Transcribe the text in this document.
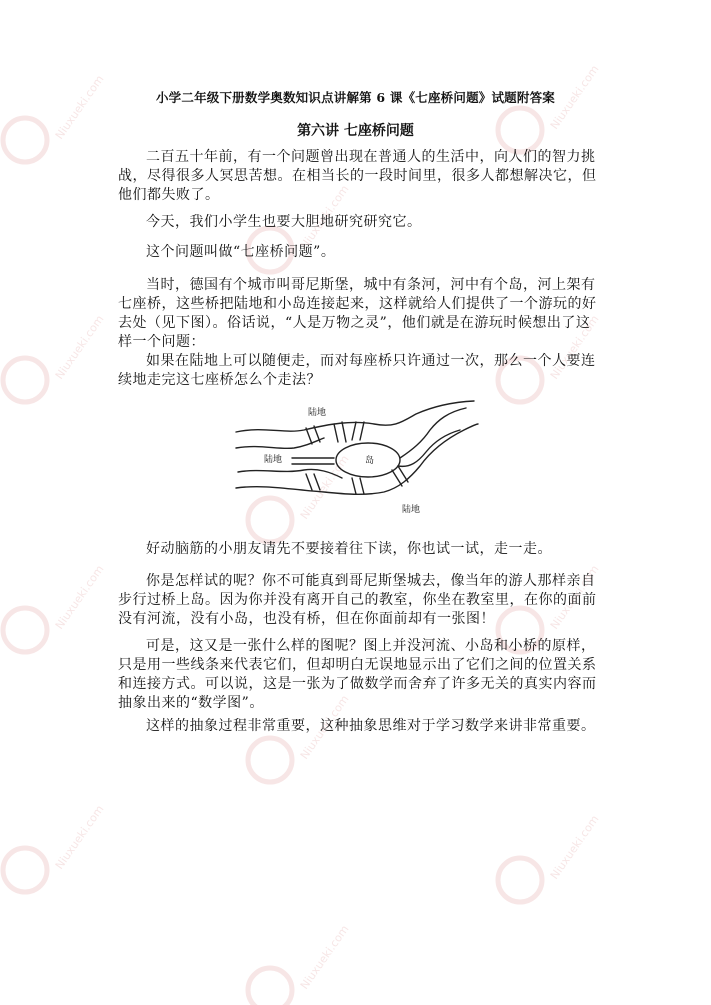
Niuxueki.com
Niuxueki.com
Niuxueki.com
Niuxueki.com
Niuxueki.com
Niuxueki.com
Niuxueki.com
Niuxueki.com
Niuxueki.com
Niuxueki.com
Niuxueki.com
Niuxueki.com
小学二年级下册数学奥数知识点讲解第 6 课《七座桥问题》试题附答案
第六讲 七座桥问题

二百五十年前，有一个问题曾出现在普通人的生活中，向人们的智力挑战，尽得很多人冥思苦想。在相当长的一段时间里，很多人都想解决它，但他们都失败了。

今天，我们小学生也要大胆地研究研究它。

这个问题叫做“七座桥问题”。

当时，德国有个城市叫哥尼斯堡，城中有条河，河中有个岛，河上架有七座桥，这些桥把陆地和小岛连接起来，这样就给人们提供了一个游玩的好去处（见下图）。俗话说，“人是万物之灵”，他们就是在游玩时候想出了这样一个问题：

如果在陆地上可以随便走，而对每座桥只许通过一次，那么一个人要连续地走完这七座桥怎么个走法？

陆地
陆地	岛
陆地

好动脑筋的小朋友请先不要接着往下读，你也试一试，走一走。

你是怎样试的呢？你不可能真到哥尼斯堡城去，像当年的游人那样亲自步行过桥上岛。因为你并没有离开自己的教室，你坐在教室里，在你的面前没有河流，没有小岛，也没有桥，但在你面前却有一张图！

可是，这又是一张什么样的图呢？图上并没河流、小岛和小桥的原样，只是用一些线条来代表它们，但却明白无误地显示出了它们之间的位置关系和连接方式。可以说，这是一张为了做数学而舍弃了许多无关的真实内容而抽象出来的“数学图”。

这样的抽象过程非常重要，这种抽象思维对于学习数学来讲非常重要。
